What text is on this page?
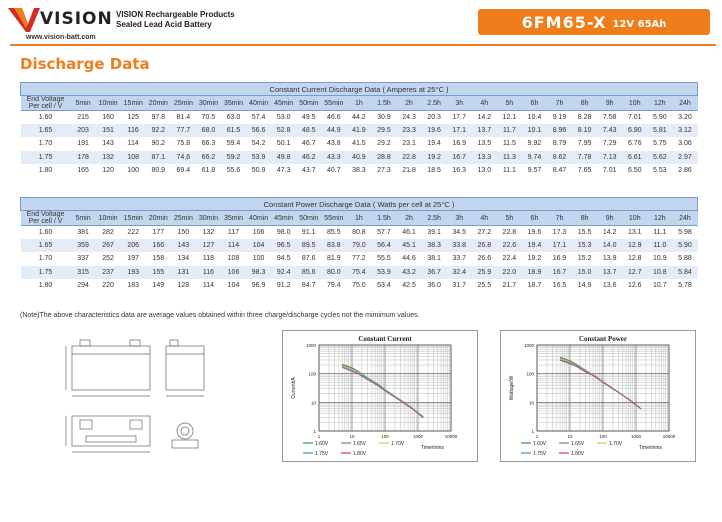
VISION VISION Rechargeable Products
Sealed Lead Acid Battery
www.vision-batt.com
6FM65-X 12V 65Ah
Discharge Data
Constant Current Discharge Data ( Amperes at 25°C )																									
End Voltage
Per cell / V	5min	10min	15min	20min	25min	30min	35min	40min	45min	50min	55min	1h	1.5h	2h	2.5h	3h	4h	5h	6h	7h	8h	9h	10h	12h	24h
1.60	215	160	125	97.8	81.4	70.5	63.0	57.4	53.0	49.5	46.6	44.2	30.9	24.3	20.3	17.7	14.2	12.1	10.4	9.19	8.28	7.58	7.01	5.90	3.20
1.65	203	151	116	92.2	77.7	68.0	61.5	56.6	52.8	48.5	44.9	41.9	29.5	23.3	19.6	17.1	13.7	11.7	10.1	8.96	8.10	7.43	6.90	5.81	3.12
1.70	191	143	114	90.2	75.8	66.3	59.4	54.2	50.1	46.7	43.8	41.5	29.2	23.1	19.4	16.9	13.5	11.5	9.92	8.79	7.95	7.29	6.76	5.75	3.06
1.75	178	132	108	87.1	74.6	66.2	59.2	53.9	49.8	46.2	43.3	40.9	28.8	22.8	19.2	16.7	13.3	11.3	9.74	8.62	7.78	7.13	6.61	5.62	2.97
1.80	165	120	100	80.9	69.4	61.8	55.6	50.9	47.3	43.7	40.7	38.3	27.3	21.8	18.5	16.3	13.0	11.1	9.57	8.47	7.65	7.01	6.50	5.53	2.86
Constant Power Discharge Data ( Watts per cell at 25°C )																									
End Voltage
Per cell / V	5min	10min	15min	20min	25min	30min	35min	40min	45min	50min	55min	1h	1.5h	2h	2.5h	3h	4h	5h	6h	7h	8h	9h	10h	12h	24h
1.60	381	282	222	177	150	132	117	106	98.0	91.1	85.5	80.8	57.7	46.1	39.1	34.5	27.2	22.8	19.6	17.3	15.5	14.2	13.1	11.1	5.98
1.65	359	267	206	166	143	127	114	104	96.5	89.5	83.8	79.0	56.4	45.1	38.3	33.8	26.8	22.6	19.4	17.1	15.3	14.0	12.9	11.0	5.90
1.70	337	252	197	158	134	118	108	100	94.5	87.6	81.9	77.2	55.5	44.6	38.1	33.7	26.6	22.4	19.2	16.9	15.2	13.9	12.8	10.9	5.88
1.75	315	237	193	155	131	116	106	98.3	92.4	85.6	80.0	75.4	53.9	43.2	36.7	32.4	25.9	22.0	18.9	16.7	15.0	13.7	12.7	10.8	5.84
1.80	294	220	183	149	128	114	104	96.9	91.2	84.7	79.4	75.0	53.4	42.5	36.0	31.7	25.5	21.7	18.7	16.5	14.9	13.6	12.6	10.7	5.78
(Note)The above characteristics data are average values obtained within three charge/discharge cycles not the mimimum values.
Constant Current
1000
100
10
1
1	10	100	1000	10000
Current/A
1.60V	1.65V	1.70V
1.75V	1.80V
Time/mins
Constant Power
1000
100
10
1
1	10	100	1000	10000
Wattage/W
1.60V	1.65V	1.70V
1.75V	1.80V
Time/mins
